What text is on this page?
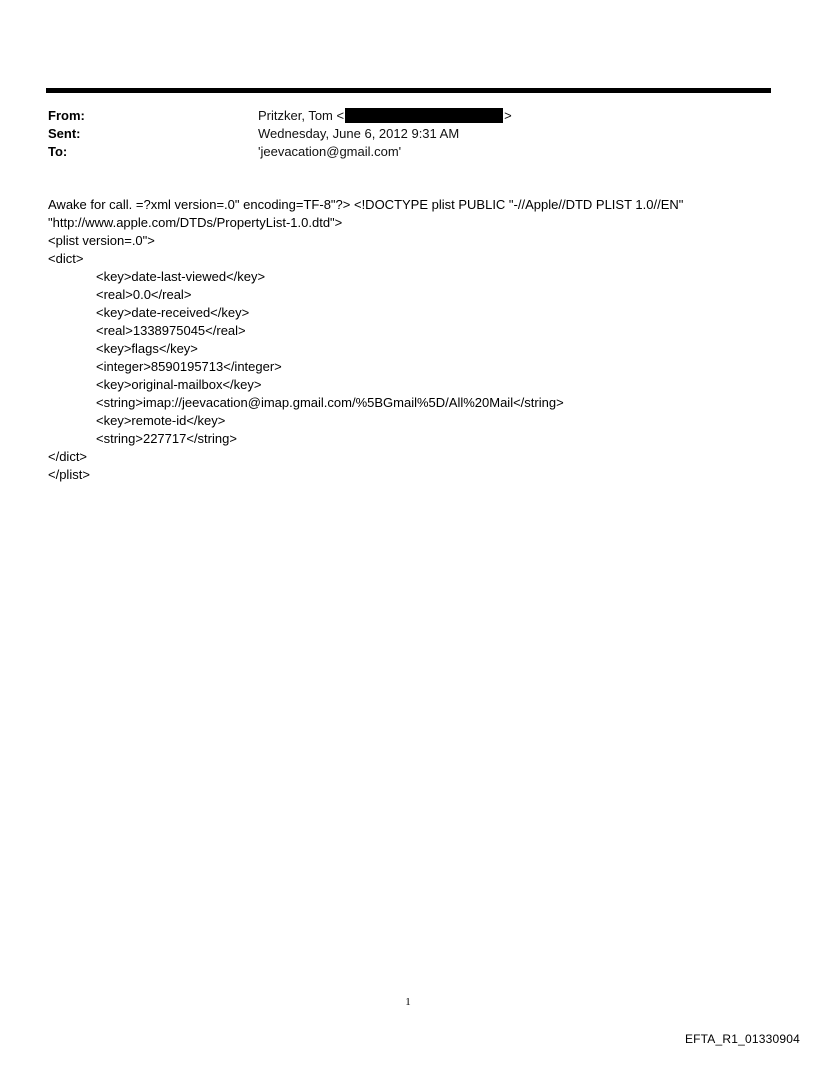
From:	Pritzker, Tom <	>
Sent:	Wednesday, June 6, 2012 9:31 AM
To:	'jeevacation@gmail.com'
Awake for call. =?xml version=.0" encoding=TF-8"?> <!DOCTYPE plist PUBLIC "-//Apple//DTD PLIST 1.0//EN"
"http://www.apple.com/DTDs/PropertyList-1.0.dtd">
<plist version=.0">
<dict>
<key>date-last-viewed</key>
<real>0.0</real>
<key>date-received</key>
<real>1338975045</real>
<key>flags</key>
<integer>8590195713</integer>
<key>original-mailbox</key>
<string>imap://jeevacation@imap.gmail.com/%5BGmail%5D/All%20Mail</string>
<key>remote-id</key>
<string>227717</string>
</dict>
</plist>
1
EFTA_R1_01330904
